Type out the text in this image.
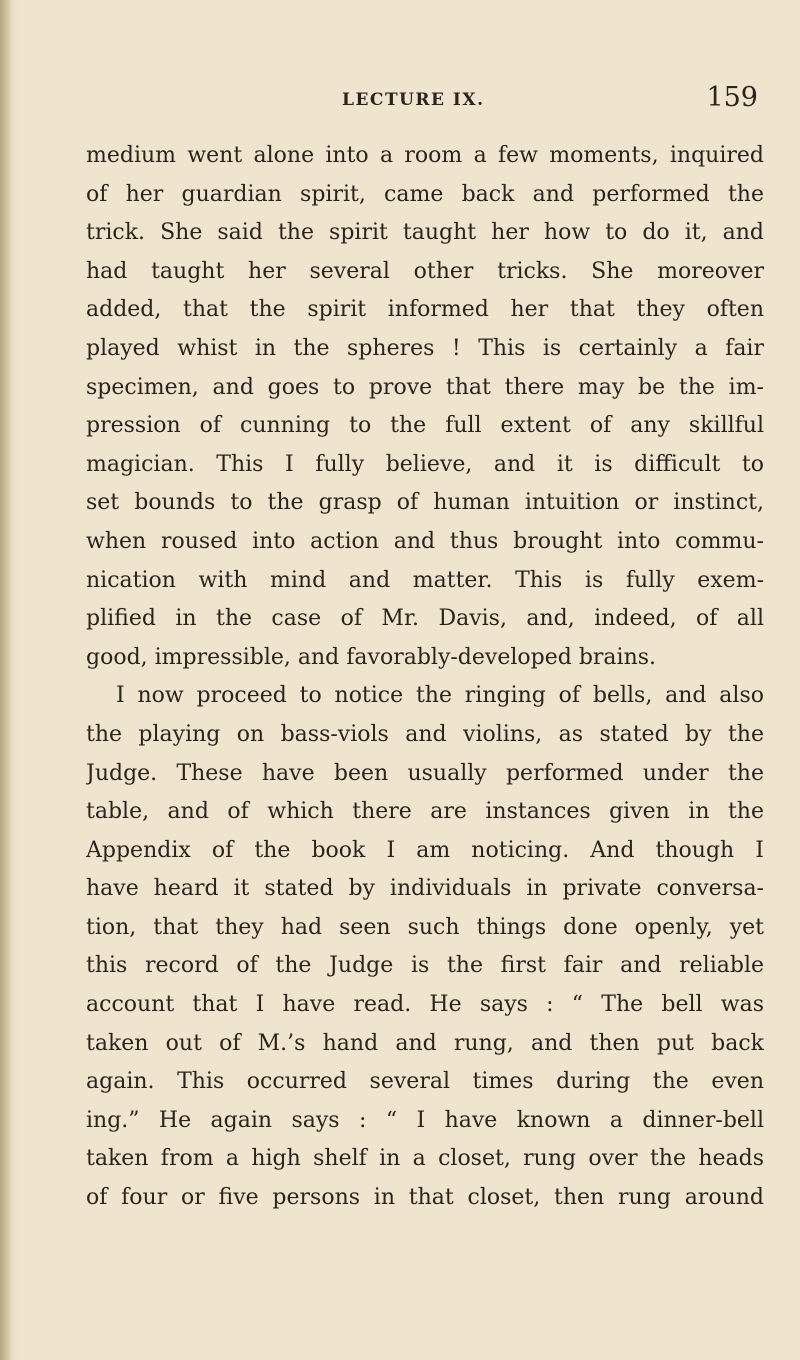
LECTURE IX.	159
medium went alone into a room a few moments, inquired
of her guardian spirit, came back and performed the
trick. She said the spirit taught her how to do it, and
had taught her several other tricks. She moreover
added, that the spirit informed her that they often
played whist in the spheres ! This is certainly a fair
specimen, and goes to prove that there may be the im-
pression of cunning to the full extent of any skillful
magician. This I fully believe, and it is difficult to
set bounds to the grasp of human intuition or instinct,
when roused into action and thus brought into commu-
nication with mind and matter. This is fully exem-
plified in the case of Mr. Davis, and, indeed, of all
good, impressible, and favorably-developed brains.
I now proceed to notice the ringing of bells, and also
the playing on bass-viols and violins, as stated by the
Judge. These have been usually performed under the
table, and of which there are instances given in the
Appendix of the book I am noticing. And though I
have heard it stated by individuals in private conversa-
tion, that they had seen such things done openly, yet
this record of the Judge is the first fair and reliable
account that I have read. He says : “ The bell was
taken out of M.’s hand and rung, and then put back
again. This occurred several times during the even
ing.” He again says : “ I have known a dinner-bell
taken from a high shelf in a closet, rung over the heads
of four or five persons in that closet, then rung around
